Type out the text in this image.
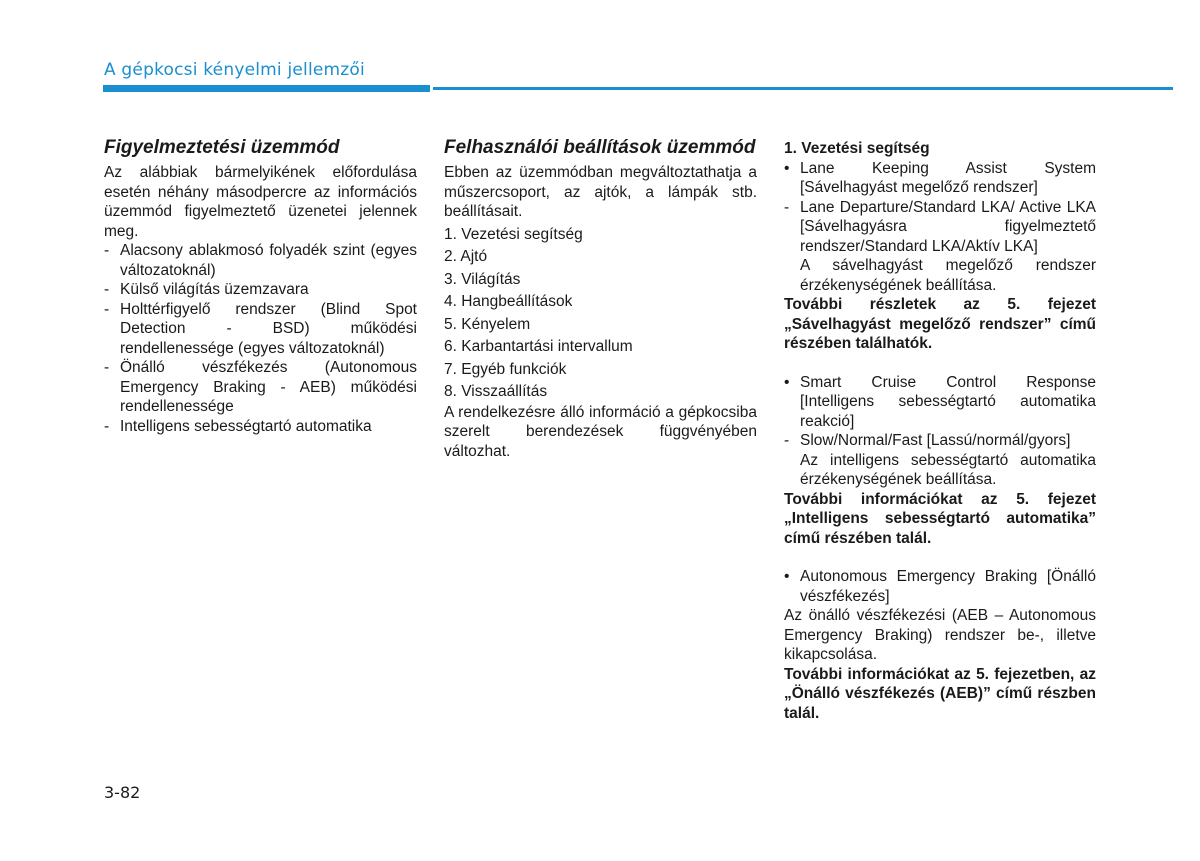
A gépkocsi kényelmi jellemzői
Figyelmeztetési üzemmód

Az alábbiak bármelyikének előfordulása esetén néhány másodpercre az információs üzemmód figyelmeztető üzenetei jelennek meg.

- Alacsony ablakmosó folyadék szint (egyes változatoknál)
- Külső világítás üzemzavara
- Holttérfigyelő rendszer (Blind Spot Detection - BSD) működési rendellenessége (egyes változatoknál)
- Önálló vészfékezés (Autonomous Emergency Braking - AEB) működési rendellenessége
- Intelligens sebességtartó automatika
Felhasználói beállítások üzemmód

Ebben az üzemmódban megváltoztathatja a műszercsoport, az ajtók, a lámpák stb. beállításait.

1. Vezetési segítség
2. Ajtó
3. Világítás
4. Hangbeállítások
5. Kényelem
6. Karbantartási intervallum
7. Egyéb funkciók
8. Visszaállítás

A rendelkezésre álló információ a gépkocsiba szerelt berendezések függvényében változhat.

1. Vezetési segítség
• Lane Keeping Assist System [Sávelhagyást megelőző rendszer]
- Lane Departure/Standard LKA/ Active LKA [Sávelhagyásra figyelmeztető rendszer/Standard LKA/Aktív LKA]

A sávelhagyást megelőző rendszer érzékenységének beállítása.

További részletek az 5. fejezet „Sávelhagyást megelőző rendszer” című részében találhatók.

• Smart Cruise Control Response [Intelligens sebességtartó automatika reakció]
- Slow/Normal/Fast [Lassú/normál/gyors]

Az intelligens sebességtartó automatika érzékenységének beállítása.

További információkat az 5. fejezet „Intelligens sebességtartó automatika” című részében talál.

• Autonomous Emergency Braking [Önálló vészfékezés]

Az önálló vészfékezési (AEB – Autonomous Emergency Braking) rendszer be-, illetve kikapcsolása.

További információkat az 5. fejezetben, az „Önálló vészfékezés (AEB)” című részben talál.

3-82
